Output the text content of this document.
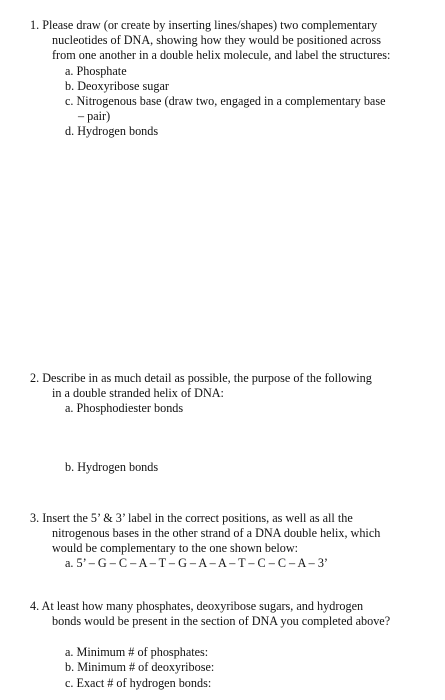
1. Please draw (or create by inserting lines/shapes) two complementary
nucleotides of DNA, showing how they would be positioned across
from one another in a double helix molecule, and label the structures:
a. Phosphate
b. Deoxyribose sugar
c. Nitrogenous base (draw two, engaged in a complementary base
– pair)
d. Hydrogen bonds
2. Describe in as much detail as possible, the purpose of the following
in a double stranded helix of DNA:
a. Phosphodiester bonds
b. Hydrogen bonds
3. Insert the 5’ & 3’ label in the correct positions, as well as all the
nitrogenous bases in the other strand of a DNA double helix, which
would be complementary to the one shown below:
a. 5’ – G – C – A – T – G – A – A – T – C – C – A – 3’
4. At least how many phosphates, deoxyribose sugars, and hydrogen
bonds would be present in the section of DNA you completed above?
a. Minimum # of phosphates:
b. Minimum # of deoxyribose:
c. Exact # of hydrogen bonds:
